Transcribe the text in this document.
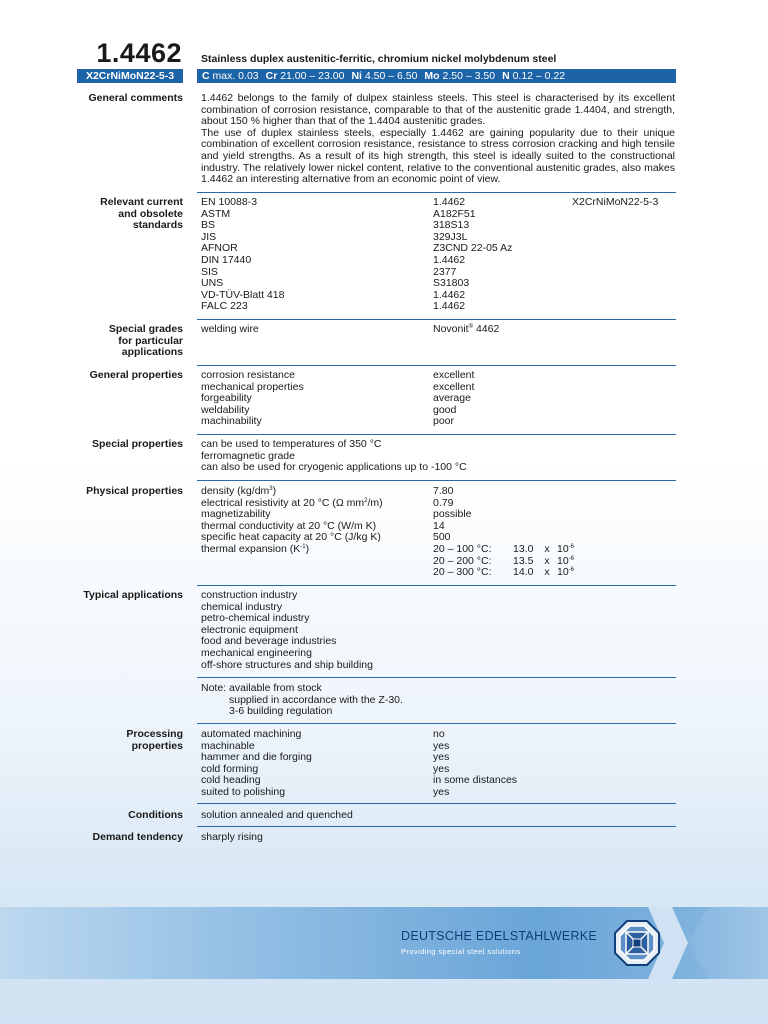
1.4462 Stainless duplex austenitic-ferritic, chromium nickel molybdenum steel
X2CrNiMoN22-5-3	C max. 0.03 Cr 21.00 – 23.00 Ni 4.50 – 6.50 Mo 2.50 – 3.50 N 0.12 – 0.22
General comments 1.4462 belongs to the family of dulpex stainless steels. This steel is characterised by its excellent combination of corrosion resistance, comparable to that of the austenitic grade 1.4404, and strength, about 150 % higher than that of the 1.4404 austenitic grades.
The use of duplex stainless steels, especially 1.4462 are gaining popularity due to their unique combination of excellent corrosion resistance, resistance to stress corrosion cracking and high tensile and yield strengths. As a result of its high strength, this steel is ideally suited to the constructional industry. The relatively lower nickel content, relative to the conventional austenitic grades, also makes 1.4462 an interesting alternative from an economic point of view.
Relevant current
and obsolete
standards
EN 10088-3
ASTM
BS
JIS
AFNOR
DIN 17440
SIS
UNS
VD-TÜV-Blatt 418
FALC 223
1.4462
A182F51
318S13
329J3L
Z3CND 22-05 Az
1.4462
2377
S31803
1.4462
1.4462
X2CrNiMoN22-5-3
Special grades
for particular
applications
welding wire	Novonit® 4462
General properties corrosion resistance
mechanical properties
forgeability
weldability
machinability
excellent
excellent
average
good
poor
Special properties can be used to temperatures of 350 °C
ferromagnetic grade
can also be used for cryogenic applications up to -100 °C
Physical properties density $(kg/dm^3)$
electrical resistivity at 20 °C (Ω $mm^2/m$)
magnetizability
thermal conductivity at 20 °C (W/m K)
specific heat capacity at 20 °C (J/kg K)
thermal expansion $(K^{-1})$
7.80
0.79
possible
14
500
20 – 100 °C: 13.0 x $10^{-6}$
20 – 200 °C: 13.5 x $10^{-6}$
20 – 300 °C: 14.0 x $10^{-6}$
Typical applications construction industry
chemical industry
petro-chemical industry
electronic equipment
food and beverage industries
mechanical engineering
off-shore structures and ship building
Note: available from stock
supplied in accordance with the Z-30.
3-6 building regulation
Processing
properties
automated machining
machinable
hammer and die forging
cold forming
cold heading
suited to polishing
no
yes
yes
yes
in some distances
yes
Conditions solution annealed and quenched
Demand tendency sharply rising
DEUTSCHE EDELSTAHLWERKE
Providing special steel solutions
